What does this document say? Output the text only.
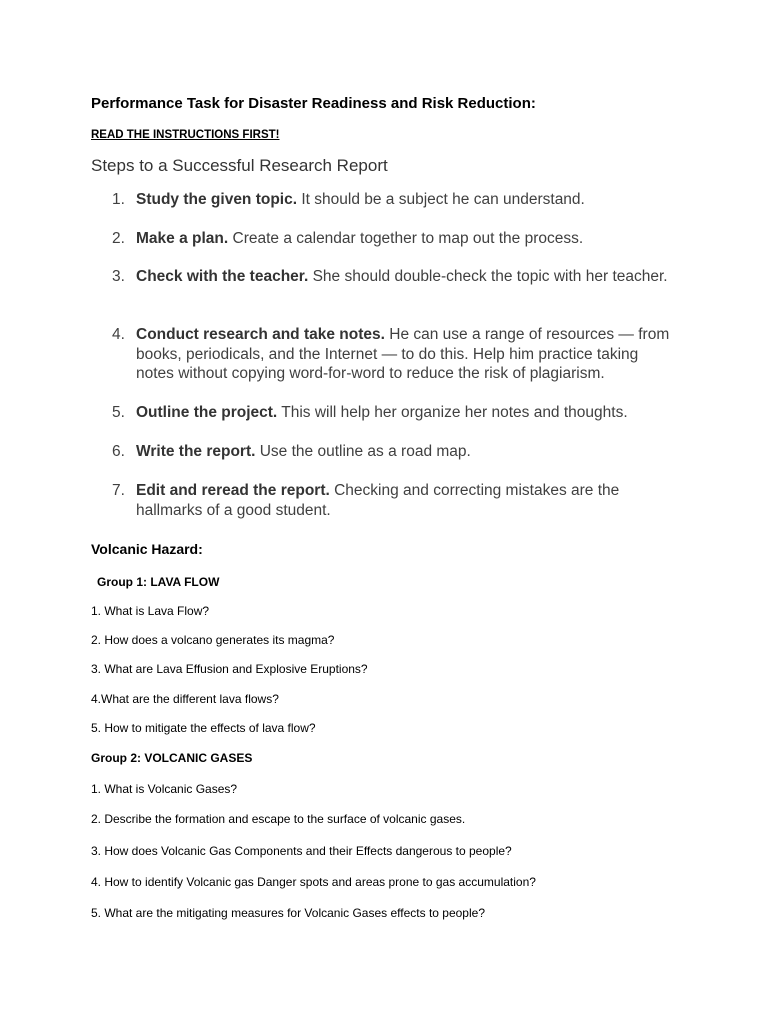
Performance Task for Disaster Readiness and Risk Reduction:
READ THE INSTRUCTIONS FIRST!
Steps to a Successful Research Report
1. Study the given topic. It should be a subject he can understand.
2. Make a plan. Create a calendar together to map out the process.
3. Check with the teacher. She should double-check the topic with her teacher.
4. Conduct research and take notes. He can use a range of resources — from books, periodicals, and the Internet — to do this. Help him practice taking notes without copying word-for-word to reduce the risk of plagiarism.
5. Outline the project. This will help her organize her notes and thoughts.
6. Write the report. Use the outline as a road map.
7. Edit and reread the report. Checking and correcting mistakes are the hallmarks of a good student.
Volcanic Hazard:
Group 1: LAVA FLOW
1. What is Lava Flow?
2. How does a volcano generates its magma?
3. What are Lava Effusion and Explosive Eruptions?
4.What are the different lava flows?
5. How to mitigate the effects of lava flow?
Group 2: VOLCANIC GASES
1. What is Volcanic Gases?
2. Describe the formation and escape to the surface of volcanic gases.
3. How does Volcanic Gas Components and their Effects dangerous to people?
4. How to identify Volcanic gas Danger spots and areas prone to gas accumulation?
5. What are the mitigating measures for Volcanic Gases effects to people?
